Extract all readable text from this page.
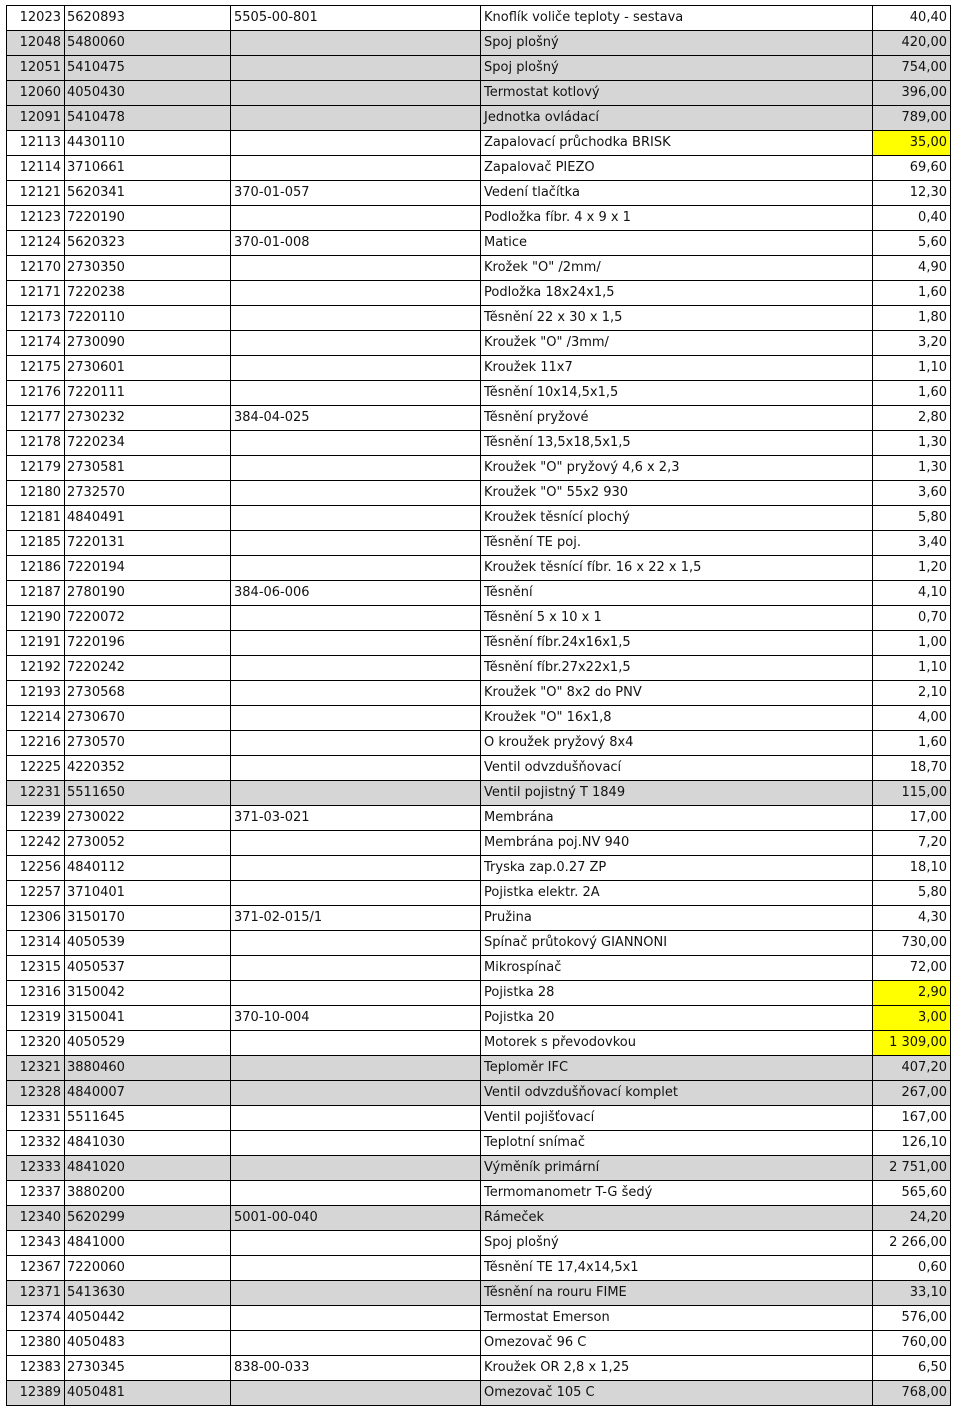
12023	5620893	5505-00-801	Knoflík voliče teploty - sestava	40,40
12048	5480060		Spoj plošný	420,00
12051	5410475		Spoj plošný	754,00
12060	4050430		Termostat kotlový	396,00
12091	5410478		Jednotka ovládací	789,00
12113	4430110		Zapalovací průchodka BRISK	35,00
12114	3710661		Zapalovač PIEZO	69,60
12121	5620341	370-01-057	Vedení tlačítka	12,30
12123	7220190		Podložka fíbr. 4 x 9 x 1	0,40
12124	5620323	370-01-008	Matice	5,60
12170	2730350		Krožek "O" /2mm/	4,90
12171	7220238		Podložka 18x24x1,5	1,60
12173	7220110		Těsnění 22 x 30 x 1,5	1,80
12174	2730090		Kroužek "O" /3mm/	3,20
12175	2730601		Kroužek 11x7	1,10
12176	7220111		Těsnění 10x14,5x1,5	1,60
12177	2730232	384-04-025	Těsnění pryžové	2,80
12178	7220234		Těsnění 13,5x18,5x1,5	1,30
12179	2730581		Kroužek "O" pryžový 4,6 x 2,3	1,30
12180	2732570		Kroužek "O" 55x2 930	3,60
12181	4840491		Kroužek těsnící plochý	5,80
12185	7220131		Těsnění TE poj.	3,40
12186	7220194		Kroužek těsnící fíbr. 16 x 22 x 1,5	1,20
12187	2780190	384-06-006	Těsnění	4,10
12190	7220072		Těsnění 5 x 10 x 1	0,70
12191	7220196		Těsnění fíbr.24x16x1,5	1,00
12192	7220242		Těsnění fíbr.27x22x1,5	1,10
12193	2730568		Kroužek "O" 8x2 do PNV	2,10
12214	2730670		Kroužek "O" 16x1,8	4,00
12216	2730570		O kroužek pryžový 8x4	1,60
12225	4220352		Ventil odvzdušňovací	18,70
12231	5511650		Ventil pojistný T 1849	115,00
12239	2730022	371-03-021	Membrána	17,00
12242	2730052		Membrána poj.NV 940	7,20
12256	4840112		Tryska zap.0.27 ZP	18,10
12257	3710401		Pojistka elektr. 2A	5,80
12306	3150170	371-02-015/1	Pružina	4,30
12314	4050539		Spínač průtokový GIANNONI	730,00
12315	4050537		Mikrospínač	72,00
12316	3150042		Pojistka 28	2,90
12319	3150041	370-10-004	Pojistka 20	3,00
12320	4050529		Motorek s převodovkou	1 309,00
12321	3880460		Teploměr IFC	407,20
12328	4840007		Ventil odvzdušňovací komplet	267,00
12331	5511645		Ventil pojišťovací	167,00
12332	4841030		Teplotní snímač	126,10
12333	4841020		Výměník primární	2 751,00
12337	3880200		Termomanometr T-G šedý	565,60
12340	5620299	5001-00-040	Rámeček	24,20
12343	4841000		Spoj plošný	2 266,00
12367	7220060		Těsnění TE 17,4x14,5x1	0,60
12371	5413630		Těsnění na rouru FIME	33,10
12374	4050442		Termostat Emerson	576,00
12380	4050483		Omezovač 96 C	760,00
12383	2730345	838-00-033	Kroužek OR 2,8 x 1,25	6,50
12389	4050481		Omezovač 105 C	768,00
